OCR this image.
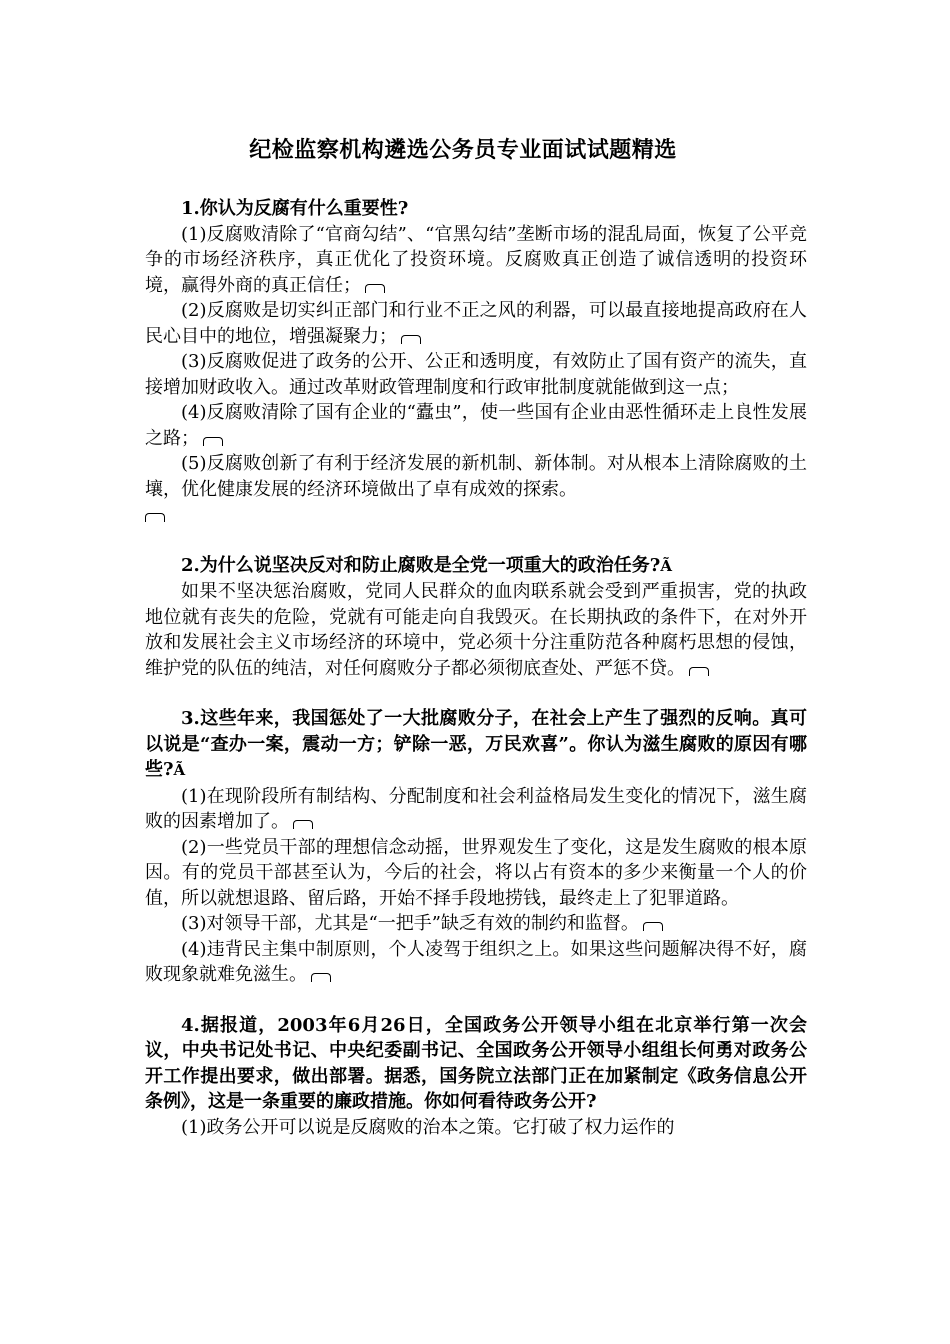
纪检监察机构遴选公务员专业面试试题精选

1.你认为反腐有什么重要性?

(1)反腐败清除了“官商勾结”、“官黑勾结”垄断市场的混乱局面，恢复了公平竞争的市场经济秩序，真正优化了投资环境。反腐败真正创造了诚信透明的投资环境，赢得外商的真正信任；

(2)反腐败是切实纠正部门和行业不正之风的利器，可以最直接地提高政府在人民心目中的地位，增强凝聚力；

(3)反腐败促进了政务的公开、公正和透明度，有效防止了国有资产的流失，直接增加财政收入。通过改革财政管理制度和行政审批制度就能做到这一点；

(4)反腐败清除了国有企业的“蠹虫”，使一些国有企业由恶性循环走上良性发展之路；

(5)反腐败创新了有利于经济发展的新机制、新体制。对从根本上清除腐败的土壤，优化健康发展的经济环境做出了卓有成效的探索。

2.为什么说坚决反对和防止腐败是全党一项重大的政治任务?Ã

如果不坚决惩治腐败，党同人民群众的血肉联系就会受到严重损害，党的执政地位就有丧失的危险，党就有可能走向自我毁灭。在长期执政的条件下，在对外开放和发展社会主义市场经济的环境中，党必须十分注重防范各种腐朽思想的侵蚀，维护党的队伍的纯洁，对任何腐败分子都必须彻底查处、严惩不贷。

3.这些年来，我国惩处了一大批腐败分子，在社会上产生了强烈的反响。真可以说是“查办一案，震动一方；铲除一恶，万民欢喜”。你认为滋生腐败的原因有哪些?Ã

(1)在现阶段所有制结构、分配制度和社会利益格局发生变化的情况下，滋生腐败的因素增加了。

(2)一些党员干部的理想信念动摇，世界观发生了变化，这是发生腐败的根本原因。有的党员干部甚至认为，今后的社会，将以占有资本的多少来衡量一个人的价值，所以就想退路、留后路，开始不择手段地捞钱，最终走上了犯罪道路。

(3)对领导干部，尤其是“一把手”缺乏有效的制约和监督。

(4)违背民主集中制原则，个人凌驾于组织之上。如果这些问题解决得不好，腐败现象就难免滋生。

4.据报道，2003年6月26日，全国政务公开领导小组在北京举行第一次会议，中央书记处书记、中央纪委副书记、全国政务公开领导小组组长何勇对政务公开工作提出要求，做出部署。据悉，国务院立法部门正在加紧制定《政务信息公开条例》，这是一条重要的廉政措施。你如何看待政务公开?

(1)政务公开可以说是反腐败的治本之策。它打破了权力运作的
